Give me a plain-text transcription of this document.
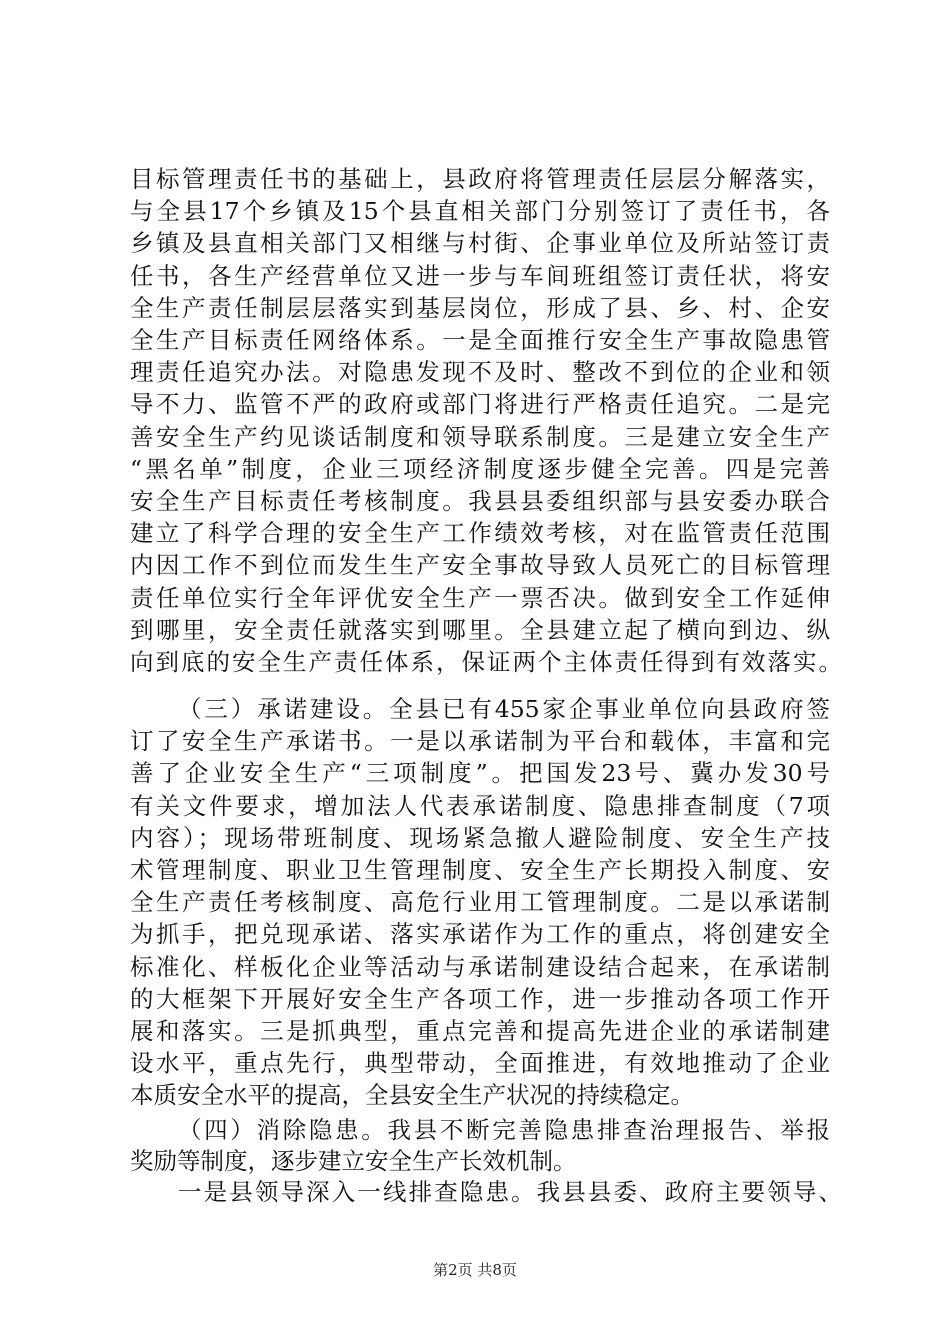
目标管理责任书的基础上，县政府将管理责任层层分解落实，
与全县17个乡镇及15个县直相关部门分别签订了责任书，各
乡镇及县直相关部门又相继与村街、企事业单位及所站签订责
任书，各生产经营单位又进一步与车间班组签订责任状，将安
全生产责任制层层落实到基层岗位，形成了县、乡、村、企安
全生产目标责任网络体系。一是全面推行安全生产事故隐患管
理责任追究办法。对隐患发现不及时、整改不到位的企业和领
导不力、监管不严的政府或部门将进行严格责任追究。二是完
善安全生产约见谈话制度和领导联系制度。三是建立安全生产
“黑名单”制度，企业三项经济制度逐步健全完善。四是完善
安全生产目标责任考核制度。我县县委组织部与县安委办联合
建立了科学合理的安全生产工作绩效考核，对在监管责任范围
内因工作不到位而发生生产安全事故导致人员死亡的目标管理
责任单位实行全年评优安全生产一票否决。做到安全工作延伸
到哪里，安全责任就落实到哪里。全县建立起了横向到边、纵
向到底的安全生产责任体系，保证两个主体责任得到有效落实。
（三）承诺建设。全县已有455家企事业单位向县政府签
订了安全生产承诺书。一是以承诺制为平台和载体，丰富和完
善了企业安全生产“三项制度”。把国发23号、冀办发30号
有关文件要求，增加法人代表承诺制度、隐患排查制度（7项
内容）；现场带班制度、现场紧急撤人避险制度、安全生产技
术管理制度、职业卫生管理制度、安全生产长期投入制度、安
全生产责任考核制度、高危行业用工管理制度。二是以承诺制
为抓手，把兑现承诺、落实承诺作为工作的重点，将创建安全
标准化、样板化企业等活动与承诺制建设结合起来，在承诺制
的大框架下开展好安全生产各项工作，进一步推动各项工作开
展和落实。三是抓典型，重点完善和提高先进企业的承诺制建
设水平，重点先行，典型带动，全面推进，有效地推动了企业
本质安全水平的提高，全县安全生产状况的持续稳定。
（四）消除隐患。我县不断完善隐患排查治理报告、举报
奖励等制度，逐步建立安全生产长效机制。
一是县领导深入一线排查隐患。我县县委、政府主要领导、
第2页 共8页
